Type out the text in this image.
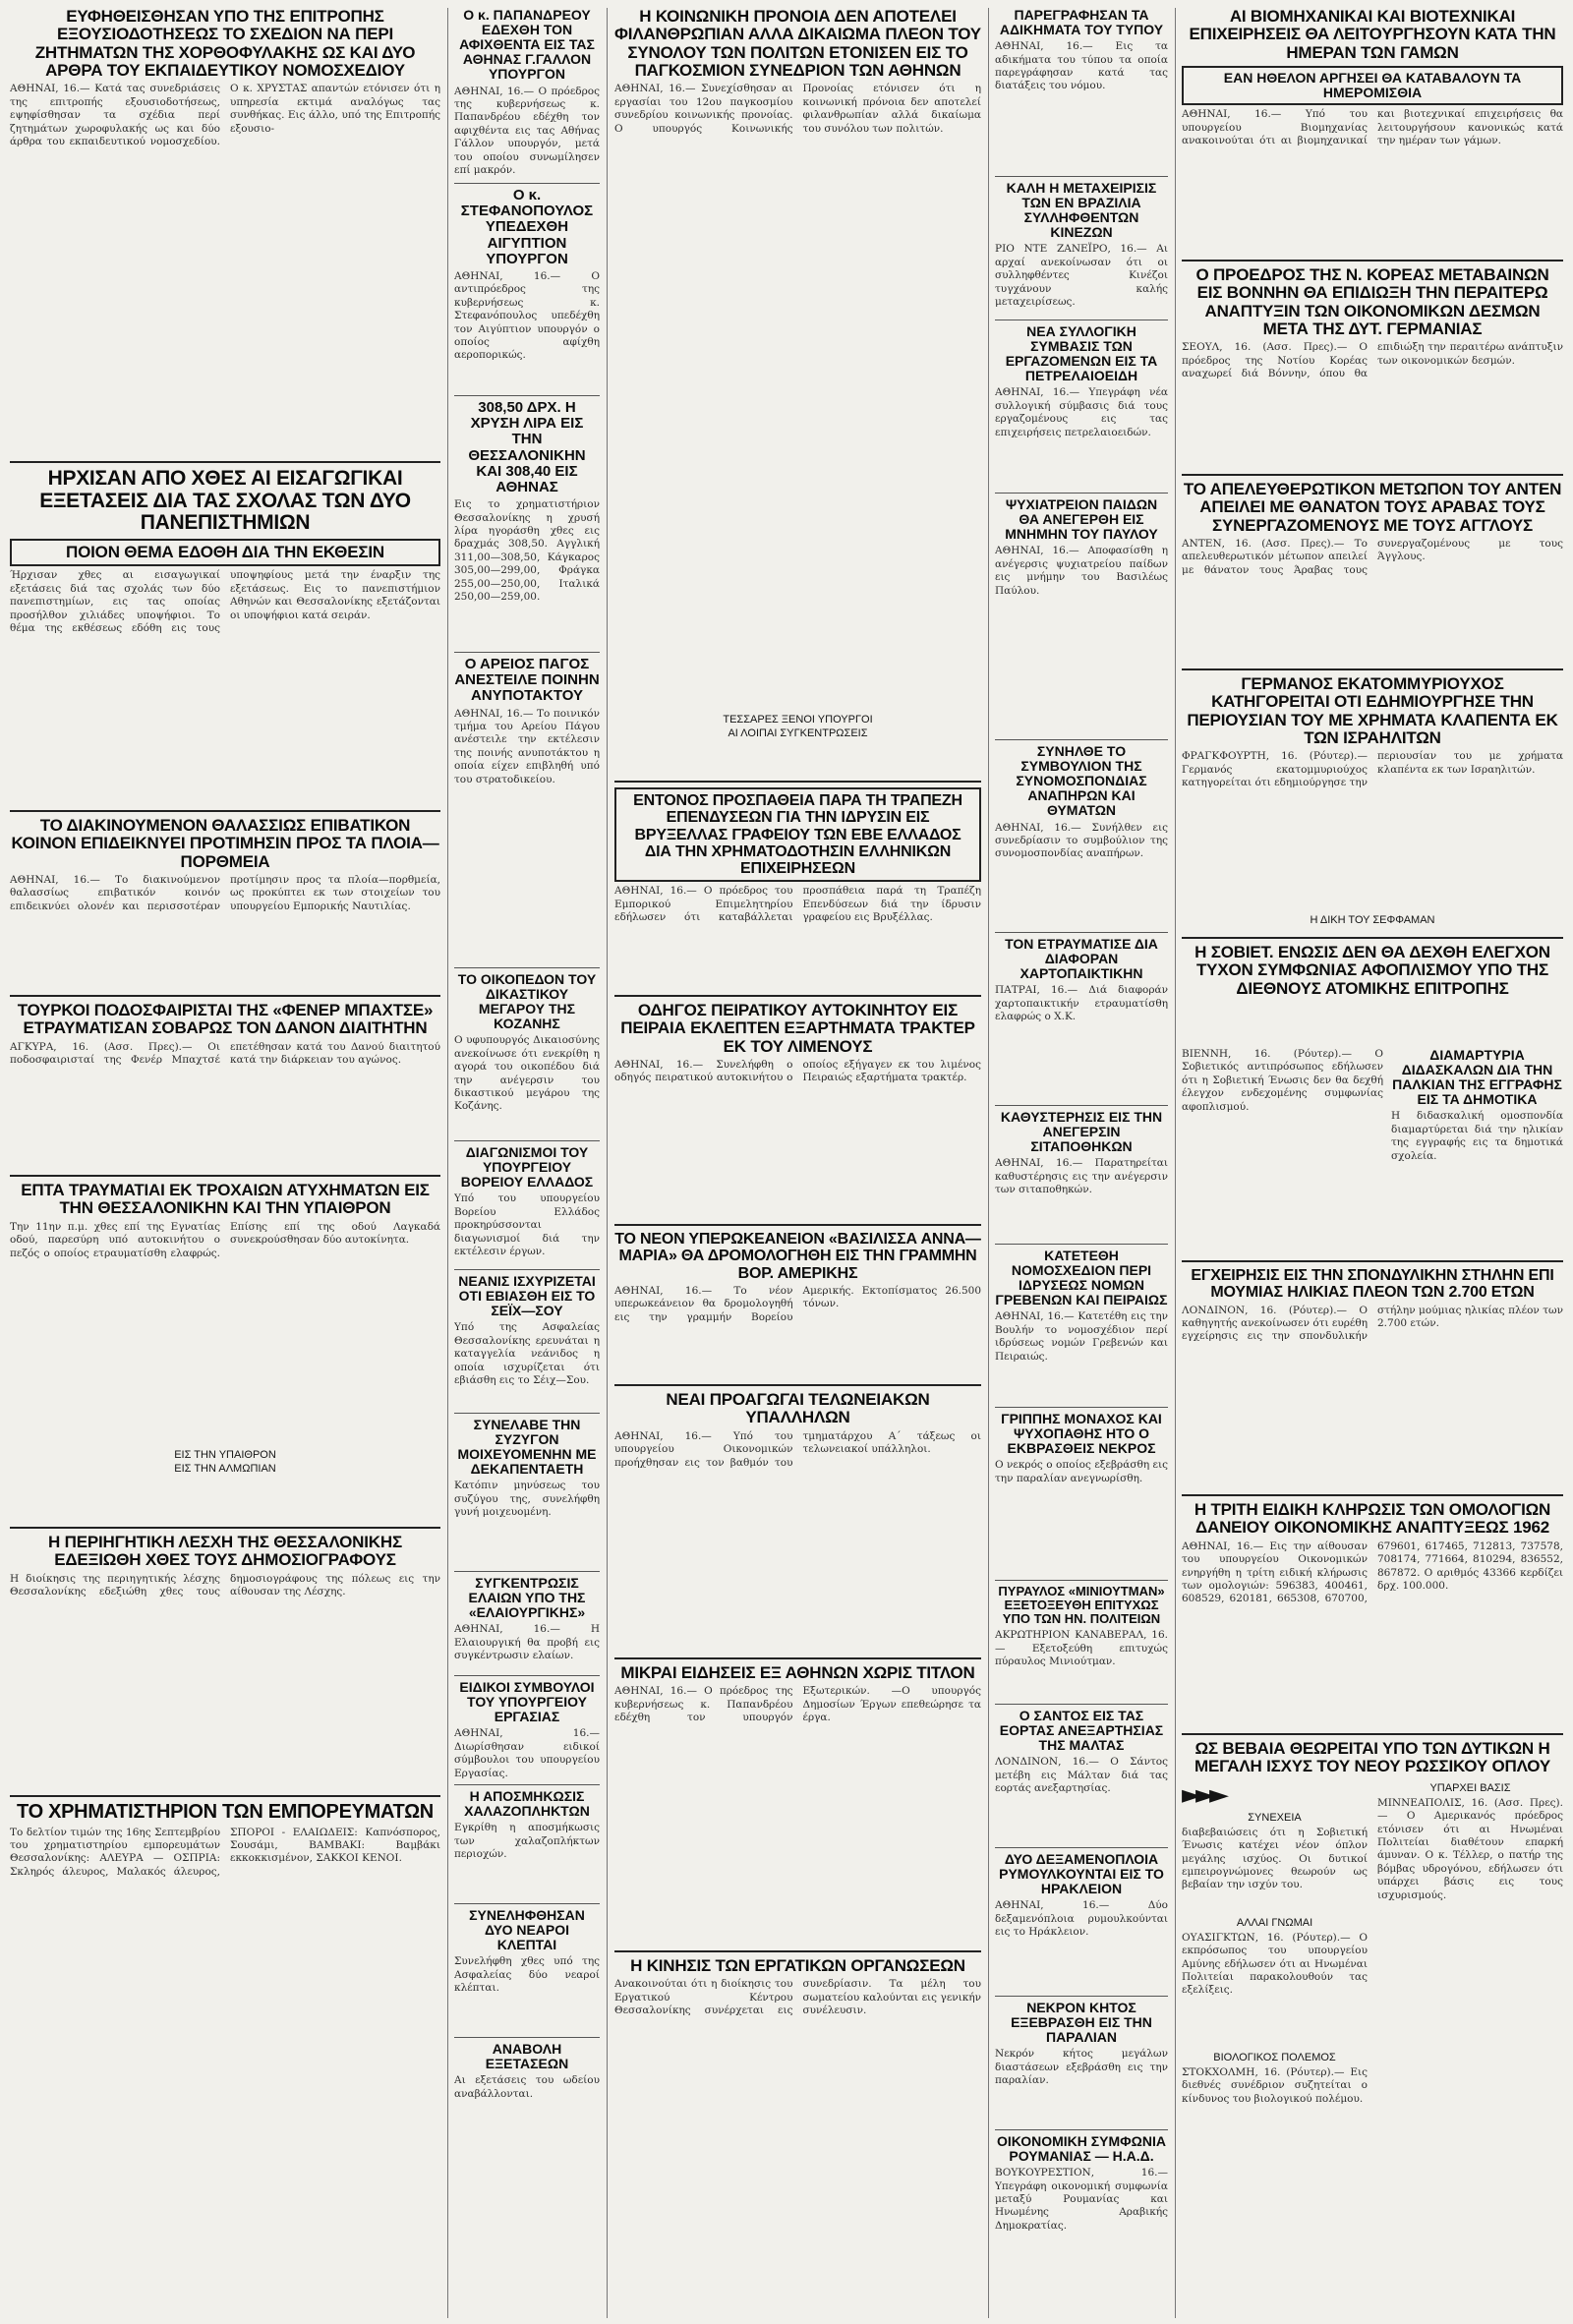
ΕΥΦΗΘΕΙΣΘΗΣΑΝ ΥΠΟ ΤΗΣ ΕΠΙΤΡΟΠΗΣ ΕΞΟΥΣΙΟΔΟΤΗΣΕΩΣ ΤΟ ΣΧΕΔΙΟΝ ΝΑ ΠΕΡΙ ΖΗΤΗΜΑΤΩΝ ΤΗΣ ΧΟΡΘΟΦΥΛΑΚΗΣ ΩΣ ΚΑΙ ΔΥΟ ΑΡΘΡΑ ΤΟΥ ΕΚΠΑΙΔΕΥΤΙΚΟΥ ΝΟΜΟΣΧΕΔΙΟΥ
ΑΘΗΝΑΙ, 16.— Κατά τας συνεδριάσεις της επιτροπής εξουσιοδοτήσεως, εψηφίσθησαν τα σχέδια περί ζητημάτων χωροφυλακής ως και δύο άρθρα του εκπαιδευτικού νομοσχεδίου. Ο κ. ΧΡΥΣΤΑΣ απαντών ετόνισεν ότι η υπηρεσία εκτιμά αναλόγως τας συνθήκας. Εις άλλο, υπό της Επιτροπής εξουσιο-
ΗΡΧΙΣΑΝ ΑΠΟ ΧΘΕΣ ΑΙ ΕΙΣΑΓΩΓΙΚΑΙ ΕΞΕΤΑΣΕΙΣ ΔΙΑ ΤΑΣ ΣΧΟΛΑΣ ΤΩΝ ΔΥΟ ΠΑΝΕΠΙΣΤΗΜΙΩΝ
ΠΟΙΟΝ ΘΕΜΑ ΕΔΟΘΗ ΔΙΑ ΤΗΝ ΕΚΘΕΣΙΝ
Ήρχισαν χθες αι εισαγωγικαί εξετάσεις διά τας σχολάς των δύο πανεπιστημίων, εις τας οποίας προσήλθον χιλιάδες υποψήφιοι. Το θέμα της εκθέσεως εδόθη εις τους υποψηφίους μετά την έναρξιν της εξετάσεως. Εις το πανεπιστήμιον Αθηνών και Θεσσαλονίκης εξετάζονται οι υποψήφιοι κατά σειράν.
ΤΟ ΔΙΑΚΙΝΟΥΜΕΝΟΝ ΘΑΛΑΣΣΙΩΣ ΕΠΙΒΑΤΙΚΟΝ ΚΟΙΝΟΝ ΕΠΙΔΕΙΚΝΥΕΙ ΠΡΟΤΙΜΗΣΙΝ ΠΡΟΣ ΤΑ ΠΛΟΙΑ—ΠΟΡΘΜΕΙΑ
ΑΘΗΝΑΙ, 16.— Το διακινούμενον θαλασσίως επιβατικόν κοινόν επιδεικνύει ολονέν και περισσοτέραν προτίμησιν προς τα πλοία—πορθμεία, ως προκύπτει εκ των στοιχείων του υπουργείου Εμπορικής Ναυτιλίας.
ΤΟΥΡΚΟΙ ΠΟΔΟΣΦΑΙΡΙΣΤΑΙ ΤΗΣ «ΦΕΝΕΡ ΜΠΑΧΤΣΕ» ΕΤΡΑΥΜΑΤΙΣΑΝ ΣΟΒΑΡΩΣ ΤΟΝ ΔΑΝΟΝ ΔΙΑΙΤΗΤΗΝ
ΑΓΚΥΡΑ, 16. (Ασσ. Πρες).— Οι ποδοσφαιρισταί της Φενέρ Μπαχτσέ επετέθησαν κατά του Δανού διαιτητού κατά την διάρκειαν του αγώνος.
ΕΠΤΑ ΤΡΑΥΜΑΤΙΑΙ ΕΚ ΤΡΟΧΑΙΩΝ ΑΤΥΧΗΜΑΤΩΝ ΕΙΣ ΤΗΝ ΘΕΣΣΑΛΟΝΙΚΗΝ ΚΑΙ ΤΗΝ ΥΠΑΙΘΡΟΝ
Την 11ην π.μ. χθες επί της Εγνατίας οδού, παρεσύρη υπό αυτοκινήτου ο πεζός ο οποίος ετραυματίσθη ελαφρώς. Επίσης επί της οδού Λαγκαδά συνεκρούσθησαν δύο αυτοκίνητα.
ΕΙΣ ΤΗΝ ΥΠΑΙΘΡΟΝ
ΕΙΣ ΤΗΝ ΑΛΜΩΠΙΑΝ
Η ΠΕΡΙΗΓΗΤΙΚΗ ΛΕΣΧΗ ΤΗΣ ΘΕΣΣΑΛΟΝΙΚΗΣ ΕΔΕΞΙΩΘΗ ΧΘΕΣ ΤΟΥΣ ΔΗΜΟΣΙΟΓΡΑΦΟΥΣ
Η διοίκησις της περιηγητικής λέσχης Θεσσαλονίκης εδεξιώθη χθες τους δημοσιογράφους της πόλεως εις την αίθουσαν της Λέσχης.
ΤΟ ΧΡΗΜΑΤΙΣΤΗΡΙΟΝ ΤΩΝ ΕΜΠΟΡΕΥΜΑΤΩΝ
Το δελτίον τιμών της 16ης Σεπτεμβρίου του χρηματιστηρίου εμπορευμάτων Θεσσαλονίκης: ΑΛΕΥΡΑ — ΟΣΠΡΙΑ: Σκληρός άλευρος, Μαλακός άλευρος, ΣΠΟΡΟΙ - ΕΛΑΙΩΔΕΙΣ: Καπνόσπορος, Σουσάμι, ΒΑΜΒΑΚΙ: Βαμβάκι εκκοκκισμένον, ΣΑΚΚΟΙ ΚΕΝΟΙ.
Ο κ. ΠΑΠΑΝΔΡΕΟΥ ΕΔΕΧΘΗ ΤΟΝ ΑΦΙΧΘΕΝΤΑ ΕΙΣ ΤΑΣ ΑΘΗΝΑΣ Γ.ΓΑΛΛΟΝ ΥΠΟΥΡΓΟΝ
ΑΘΗΝΑΙ, 16.— Ο πρόεδρος της κυβερνήσεως κ. Παπανδρέου εδέχθη τον αφιχθέντα εις τας Αθήνας Γάλλον υπουργόν, μετά του οποίου συνωμίλησεν επί μακρόν.
Ο κ. ΣΤΕΦΑΝΟΠΟΥΛΟΣ ΥΠΕΔΕΧΘΗ ΑΙΓΥΠΤΙΟΝ ΥΠΟΥΡΓΟΝ
ΑΘΗΝΑΙ, 16.— Ο αντιπρόεδρος της κυβερνήσεως κ. Στεφανόπουλος υπεδέχθη τον Αιγύπτιον υπουργόν ο οποίος αφίχθη αεροπορικώς.
308,50 ΔΡΧ. Η ΧΡΥΣΗ ΛΙΡΑ ΕΙΣ ΤΗΝ ΘΕΣΣΑΛΟΝΙΚΗΝ ΚΑΙ 308,40 ΕΙΣ ΑΘΗΝΑΣ
Εις το χρηματιστήριον Θεσσαλονίκης η χρυσή λίρα ηγοράσθη χθες εις δραχμάς 308,50. Αγγλική 311,00—308,50, Κάγκαρος 305,00—299,00, Φράγκα 255,00—250,00, Ιταλικά 250,00—259,00.
Ο ΑΡΕΙΟΣ ΠΑΓΟΣ ΑΝΕΣΤΕΙΛΕ ΠΟΙΝΗΝ ΑΝΥΠΟΤΑΚΤΟΥ
ΑΘΗΝΑΙ, 16.— Το ποινικόν τμήμα του Αρείου Πάγου ανέστειλε την εκτέλεσιν της ποινής ανυποτάκτου η οποία είχεν επιβληθή υπό του στρατοδικείου.
ΤΟ ΟΙΚΟΠΕΔΟΝ ΤΟΥ ΔΙΚΑΣΤΙΚΟΥ ΜΕΓΑΡΟΥ ΤΗΣ ΚΟΖΑΝΗΣ
Ο υφυπουργός Δικαιοσύνης ανεκοίνωσε ότι ενεκρίθη η αγορά του οικοπέδου διά την ανέγερσιν του δικαστικού μεγάρου της Κοζάνης.
ΔΙΑΓΩΝΙΣΜΟΙ ΤΟΥ ΥΠΟΥΡΓΕΙΟΥ ΒΟΡΕΙΟΥ ΕΛΛΑΔΟΣ
Υπό του υπουργείου Βορείου Ελλάδος προκηρύσσονται διαγωνισμοί διά την εκτέλεσιν έργων.
ΝΕΑΝΙΣ ΙΣΧΥΡΙΖΕΤΑΙ ΟΤΙ ΕΒΙΑΣΘΗ ΕΙΣ ΤΟ ΣΕΪΧ—ΣΟΥ
Υπό της Ασφαλείας Θεσσαλονίκης ερευνάται η καταγγελία νεάνιδος η οποία ισχυρίζεται ότι εβιάσθη εις το Σέιχ—Σου.
ΣΥΝΕΛΑΒΕ ΤΗΝ ΣΥΖΥΓΟΝ ΜΟΙΧΕΥΟΜΕΝΗΝ ΜΕ ΔΕΚΑΠΕΝΤΑΕΤΗ
Κατόπιν μηνύσεως του συζύγου της, συνελήφθη γυνή μοιχευομένη.
ΣΥΓΚΕΝΤΡΩΣΙΣ ΕΛΑΙΩΝ ΥΠΟ ΤΗΣ «ΕΛΑΙΟΥΡΓΙΚΗΣ»
ΑΘΗΝΑΙ, 16.— Η Ελαιουργική θα προβή εις συγκέντρωσιν ελαίων.
ΕΙΔΙΚΟΙ ΣΥΜΒΟΥΛΟΙ ΤΟΥ ΥΠΟΥΡΓΕΙΟΥ ΕΡΓΑΣΙΑΣ
ΑΘΗΝΑΙ, 16.— Διωρίσθησαν ειδικοί σύμβουλοι του υπουργείου Εργασίας.
Η ΑΠΟΣΜΗΚΩΣΙΣ ΧΑΛΑΖΟΠΛΗΚΤΩΝ
Εγκρίθη η αποσμήκωσις των χαλαζοπλήκτων περιοχών.
ΣΥΝΕΛΗΦΘΗΣΑΝ ΔΥΟ ΝΕΑΡΟΙ ΚΛΕΠΤΑΙ
Συνελήφθη χθες υπό της Ασφαλείας δύο νεαροί κλέπται.
ΑΝΑΒΟΛΗ ΕΞΕΤΑΣΕΩΝ
Αι εξετάσεις του ωδείου αναβάλλονται.
Η ΚΟΙΝΩΝΙΚΗ ΠΡΟΝΟΙΑ ΔΕΝ ΑΠΟΤΕΛΕΙ ΦΙΛΑΝΘΡΩΠΙΑΝ ΑΛΛΑ ΔΙΚΑΙΩΜΑ ΠΛΕΟΝ ΤΟΥ ΣΥΝΟΛΟΥ ΤΩΝ ΠΟΛΙΤΩΝ ΕΤΟΝΙΣΕΝ ΕΙΣ ΤΟ ΠΑΓΚΟΣΜΙΟΝ ΣΥΝΕΔΡΙΟΝ ΤΩΝ ΑΘΗΝΩΝ
ΑΘΗΝΑΙ, 16.— Συνεχίσθησαν αι εργασίαι του 12ου παγκοσμίου συνεδρίου κοινωνικής προνοίας. Ο υπουργός Κοινωνικής Προνοίας ετόνισεν ότι η κοινωνική πρόνοια δεν αποτελεί φιλανθρωπίαν αλλά δικαίωμα του συνόλου των πολιτών.
ΤΕΣΣΑΡΕΣ ΞΕΝΟΙ ΥΠΟΥΡΓΟΙ
ΑΙ ΛΟΙΠΑΙ ΣΥΓΚΕΝΤΡΩΣΕΙΣ
ΕΝΤΟΝΟΣ ΠΡΟΣΠΑΘΕΙΑ ΠΑΡΑ ΤΗ ΤΡΑΠΕΖΗ ΕΠΕΝΔΥΣΕΩΝ ΓΙΑ ΤΗΝ ΙΔΡΥΣΙΝ ΕΙΣ ΒΡΥΞΕΛΛΑΣ ΓΡΑΦΕΙΟΥ ΤΩΝ ΕΒΕ ΕΛΛΑΔΟΣ ΔΙΑ ΤΗΝ ΧΡΗΜΑΤΟΔΟΤΗΣΙΝ ΕΛΛΗΝΙΚΩΝ ΕΠΙΧΕΙΡΗΣΕΩΝ
ΑΘΗΝΑΙ, 16.— Ο πρόεδρος του Εμπορικού Επιμελητηρίου εδήλωσεν ότι καταβάλλεται προσπάθεια παρά τη Τραπέζη Επενδύσεων διά την ίδρυσιν γραφείου εις Βρυξέλλας.
ΟΔΗΓΟΣ ΠΕΙΡΑΤΙΚΟΥ ΑΥΤΟΚΙΝΗΤΟΥ ΕΙΣ ΠΕΙΡΑΙΑ ΕΚΛΕΠΤΕΝ ΕΞΑΡΤΗΜΑΤΑ ΤΡΑΚΤΕΡ ΕΚ ΤΟΥ ΛΙΜΕΝΟΥΣ
ΑΘΗΝΑΙ, 16.— Συνελήφθη ο οδηγός πειρατικού αυτοκινήτου ο οποίος εξήγαγεν εκ του λιμένος Πειραιώς εξαρτήματα τρακτέρ.
ΤΟ ΝΕΟΝ ΥΠΕΡΩΚΕΑΝΕΙΟΝ «ΒΑΣΙΛΙΣΣΑ ΑΝΝΑ—ΜΑΡΙΑ» ΘΑ ΔΡΟΜΟΛΟΓΗΘΗ ΕΙΣ ΤΗΝ ΓΡΑΜΜΗΝ ΒΟΡ. ΑΜΕΡΙΚΗΣ
ΑΘΗΝΑΙ, 16.— Το νέον υπερωκεάνειον θα δρομολογηθή εις την γραμμήν Βορείου Αμερικής. Εκτοπίσματος 26.500 τόνων.
ΝΕΑΙ ΠΡΟΑΓΩΓΑΙ ΤΕΛΩΝΕΙΑΚΩΝ ΥΠΑΛΛΗΛΩΝ
ΑΘΗΝΑΙ, 16.— Υπό του υπουργείου Οικονομικών προήχθησαν εις τον βαθμόν του τμηματάρχου Α΄ τάξεως οι τελωνειακοί υπάλληλοι.
ΜΙΚΡΑΙ ΕΙΔΗΣΕΙΣ ΕΞ ΑΘΗΝΩΝ ΧΩΡΙΣ ΤΙΤΛΟΝ
ΑΘΗΝΑΙ, 16.— Ο πρόεδρος της κυβερνήσεως κ. Παπανδρέου εδέχθη τον υπουργόν Εξωτερικών. —Ο υπουργός Δημοσίων Έργων επεθεώρησε τα έργα.
Η ΚΙΝΗΣΙΣ ΤΩΝ ΕΡΓΑΤΙΚΩΝ ΟΡΓΑΝΩΣΕΩΝ
Ανακοινούται ότι η διοίκησις του Εργατικού Κέντρου Θεσσαλονίκης συνέρχεται εις συνεδρίασιν. Τα μέλη του σωματείου καλούνται εις γενικήν συνέλευσιν.
ΠΑΡΕΓΡΑΦΗΣΑΝ ΤΑ ΑΔΙΚΗΜΑΤΑ ΤΟΥ ΤΥΠΟΥ
ΑΘΗΝΑΙ, 16.— Εις τα αδικήματα του τύπου τα οποία παρεγράφησαν κατά τας διατάξεις του νόμου.
ΚΑΛΗ Η ΜΕΤΑΧΕΙΡΙΣΙΣ ΤΩΝ ΕΝ ΒΡΑΖΙΛΙΑ ΣΥΛΛΗΦΘΕΝΤΩΝ ΚΙΝΕΖΩΝ
ΡΙΟ ΝΤΕ ΖΑΝΕΪΡΟ, 16.— Αι αρχαί ανεκοίνωσαν ότι οι συλληφθέντες Κινέζοι τυγχάνουν καλής μεταχειρίσεως.
ΝΕΑ ΣΥΛΛΟΓΙΚΗ ΣΥΜΒΑΣΙΣ ΤΩΝ ΕΡΓΑΖΟΜΕΝΩΝ ΕΙΣ ΤΑ ΠΕΤΡΕΛΑΙΟΕΙΔΗ
ΑΘΗΝΑΙ, 16.— Υπεγράφη νέα συλλογική σύμβασις διά τους εργαζομένους εις τας επιχειρήσεις πετρελαιοειδών.
ΨΥΧΙΑΤΡΕΙΟΝ ΠΑΙΔΩΝ ΘΑ ΑΝΕΓΕΡΘΗ ΕΙΣ ΜΝΗΜΗΝ ΤΟΥ ΠΑΥΛΟΥ
ΑΘΗΝΑΙ, 16.— Αποφασίσθη η ανέγερσις ψυχιατρείου παίδων εις μνήμην του Βασιλέως Παύλου.
ΣΥΝΗΛΘΕ ΤΟ ΣΥΜΒΟΥΛΙΟΝ ΤΗΣ ΣΥΝΟΜΟΣΠΟΝΔΙΑΣ ΑΝΑΠΗΡΩΝ ΚΑΙ ΘΥΜΑΤΩΝ
ΑΘΗΝΑΙ, 16.— Συνήλθεν εις συνεδρίασιν το συμβούλιον της συνομοσπονδίας αναπήρων.
ΤΟΝ ΕΤΡΑΥΜΑΤΙΣΕ ΔΙΑ ΔΙΑΦΟΡΑΝ ΧΑΡΤΟΠΑΙΚΤΙΚΗΝ
ΠΑΤΡΑΙ, 16.— Διά διαφοράν χαρτοπαικτικήν ετραυματίσθη ελαφρώς ο Χ.Κ.
ΚΑΘΥΣΤΕΡΗΣΙΣ ΕΙΣ ΤΗΝ ΑΝΕΓΕΡΣΙΝ ΣΙΤΑΠΟΘΗΚΩΝ
ΑΘΗΝΑΙ, 16.— Παρατηρείται καθυστέρησις εις την ανέγερσιν των σιταποθηκών.
ΚΑΤΕΤΕΘΗ ΝΟΜΟΣΧΕΔΙΟΝ ΠΕΡΙ ΙΔΡΥΣΕΩΣ ΝΟΜΩΝ ΓΡΕΒΕΝΩΝ ΚΑΙ ΠΕΙΡΑΙΩΣ
ΑΘΗΝΑΙ, 16.— Κατετέθη εις την Βουλήν το νομοσχέδιον περί ιδρύσεως νομών Γρεβενών και Πειραιώς.
ΓΡΙΠΠΗΣ ΜΟΝΑΧΟΣ ΚΑΙ ΨΥΧΟΠΑΘΗΣ ΗΤΟ Ο ΕΚΒΡΑΣΘΕΙΣ ΝΕΚΡΟΣ
Ο νεκρός ο οποίος εξεβράσθη εις την παραλίαν ανεγνωρίσθη.
ΠΥΡΑΥΛΟΣ «ΜΙΝΙΟΥΤΜΑΝ» ΕΞΕΤΟΞΕΥΘΗ ΕΠΙΤΥΧΩΣ ΥΠΟ ΤΩΝ ΗΝ. ΠΟΛΙΤΕΙΩΝ
ΑΚΡΩΤΗΡΙΟΝ ΚΑΝΑΒΕΡΑΛ, 16.— Εξετοξεύθη επιτυχώς πύραυλος Μινιούτμαν.
Ο ΣΑΝΤΟΣ ΕΙΣ ΤΑΣ ΕΟΡΤΑΣ ΑΝΕΞΑΡΤΗΣΙΑΣ ΤΗΣ ΜΑΛΤΑΣ
ΛΟΝΔΙΝΟΝ, 16.— Ο Σάντος μετέβη εις Μάλταν διά τας εορτάς ανεξαρτησίας.
ΔΥΟ ΔΕΞΑΜΕΝΟΠΛΟΙΑ ΡΥΜΟΥΛΚΟΥΝΤΑΙ ΕΙΣ ΤΟ ΗΡΑΚΛΕΙΟΝ
ΑΘΗΝΑΙ, 16.— Δύο δεξαμενόπλοια ρυμουλκούνται εις το Ηράκλειον.
ΝΕΚΡΟΝ ΚΗΤΟΣ ΕΞΕΒΡΑΣΘΗ ΕΙΣ ΤΗΝ ΠΑΡΑΛΙΑΝ
Νεκρόν κήτος μεγάλων διαστάσεων εξεβράσθη εις την παραλίαν.
ΟΙΚΟΝΟΜΙΚΗ ΣΥΜΦΩΝΙΑ ΡΟΥΜΑΝΙΑΣ — Η.Α.Δ.
ΒΟΥΚΟΥΡΕΣΤΙΟΝ, 16.— Υπεγράφη οικονομική συμφωνία μεταξύ Ρουμανίας και Ηνωμένης Αραβικής Δημοκρατίας.
ΑΙ ΒΙΟΜΗΧΑΝΙΚΑΙ ΚΑΙ ΒΙΟΤΕΧΝΙΚΑΙ ΕΠΙΧΕΙΡΗΣΕΙΣ ΘΑ ΛΕΙΤΟΥΡΓΗΣΟΥΝ ΚΑΤΑ ΤΗΝ ΗΜΕΡΑΝ ΤΩΝ ΓΑΜΩΝ
ΕΑΝ ΗΘΕΛΟΝ ΑΡΓΗΣΕΙ ΘΑ ΚΑΤΑΒΑΛΟΥΝ ΤΑ ΗΜΕΡΟΜΙΣΘΙΑ
ΑΘΗΝΑΙ, 16.— Υπό του υπουργείου Βιομηχανίας ανακοινούται ότι αι βιομηχανικαί και βιοτεχνικαί επιχειρήσεις θα λειτουργήσουν κανονικώς κατά την ημέραν των γάμων.
Ο ΠΡΟΕΔΡΟΣ ΤΗΣ Ν. ΚΟΡΕΑΣ ΜΕΤΑΒΑΙΝΩΝ ΕΙΣ ΒΟΝΝΗΝ ΘΑ ΕΠΙΔΙΩΞΗ ΤΗΝ ΠΕΡΑΙΤΕΡΩ ΑΝΑΠΤΥΞΙΝ ΤΩΝ ΟΙΚΟΝΟΜΙΚΩΝ ΔΕΣΜΩΝ ΜΕΤΑ ΤΗΣ ΔΥΤ. ΓΕΡΜΑΝΙΑΣ
ΣΕΟΥΛ, 16. (Ασσ. Πρες).— Ο πρόεδρος της Νοτίου Κορέας αναχωρεί διά Βόννην, όπου θα επιδιώξη την περαιτέρω ανάπτυξιν των οικονομικών δεσμών.
ΤΟ ΑΠΕΛΕΥΘΕΡΩΤΙΚΟΝ ΜΕΤΩΠΟΝ ΤΟΥ ΑΝΤΕΝ ΑΠΕΙΛΕΙ ΜΕ ΘΑΝΑΤΟΝ ΤΟΥΣ ΑΡΑΒΑΣ ΤΟΥΣ ΣΥΝΕΡΓΑΖΟΜΕΝΟΥΣ ΜΕ ΤΟΥΣ ΑΓΓΛΟΥΣ
ΑΝΤΕΝ, 16. (Ασσ. Πρες).— Το απελευθερωτικόν μέτωπον απειλεί με θάνατον τους Άραβας τους συνεργαζομένους με τους Άγγλους.
ΓΕΡΜΑΝΟΣ ΕΚΑΤΟΜΜΥΡΙΟΥΧΟΣ ΚΑΤΗΓΟΡΕΙΤΑΙ ΟΤΙ ΕΔΗΜΙΟΥΡΓΗΣΕ ΤΗΝ ΠΕΡΙΟΥΣΙΑΝ ΤΟΥ ΜΕ ΧΡΗΜΑΤΑ ΚΛΑΠΕΝΤΑ ΕΚ ΤΩΝ ΙΣΡΑΗΛΙΤΩΝ
ΦΡΑΓΚΦΟΥΡΤΗ, 16. (Ρόυτερ).— Γερμανός εκατομμυριούχος κατηγορείται ότι εδημιούργησε την περιουσίαν του με χρήματα κλαπέντα εκ των Ισραηλιτών.
Η ΔΙΚΗ ΤΟΥ ΣΕΦΦΑΜΑΝ
Η ΣΟΒΙΕΤ. ΕΝΩΣΙΣ ΔΕΝ ΘΑ ΔΕΧΘΗ ΕΛΕΓΧΟΝ ΤΥΧΟΝ ΣΥΜΦΩΝΙΑΣ ΑΦΟΠΛΙΣΜΟΥ ΥΠΟ ΤΗΣ ΔΙΕΘΝΟΥΣ ΑΤΟΜΙΚΗΣ ΕΠΙΤΡΟΠΗΣ
ΒΙΕΝΝΗ, 16. (Ρόυτερ).— Ο Σοβιετικός αντιπρόσωπος εδήλωσεν ότι η Σοβιετική Ένωσις δεν θα δεχθή έλεγχον ενδεχομένης συμφωνίας αφοπλισμού.
ΔΙΑΜΑΡΤΥΡΙΑ ΔΙΔΑΣΚΑΛΩΝ ΔΙΑ ΤΗΝ ΠΑΛΚΙΑΝ ΤΗΣ ΕΓΓΡΑΦΗΣ ΕΙΣ ΤΑ ΔΗΜΟΤΙΚΑ
Η διδασκαλική ομοσπονδία διαμαρτύρεται διά την ηλικίαν της εγγραφής εις τα δημοτικά σχολεία.
ΕΓΧΕΙΡΗΣΙΣ ΕΙΣ ΤΗΝ ΣΠΟΝΔΥΛΙΚΗΝ ΣΤΗΛΗΝ ΕΠΙ ΜΟΥΜΙΑΣ ΗΛΙΚΙΑΣ ΠΛΕΟΝ ΤΩΝ 2.700 ΕΤΩΝ
ΛΟΝΔΙΝΟΝ, 16. (Ρόυτερ).— Ο καθηγητής ανεκοίνωσεν ότι ευρέθη εγχείρησις εις την σπονδυλικήν στήλην μούμιας ηλικίας πλέον των 2.700 ετών.
Η ΤΡΙΤΗ ΕΙΔΙΚΗ ΚΛΗΡΩΣΙΣ ΤΩΝ ΟΜΟΛΟΓΙΩΝ ΔΑΝΕΙΟΥ ΟΙΚΟΝΟΜΙΚΗΣ ΑΝΑΠΤΥΞΕΩΣ 1962
ΑΘΗΝΑΙ, 16.— Εις την αίθουσαν του υπουργείου Οικονομικών ενηργήθη η τρίτη ειδική κλήρωσις των ομολογιών: 596383, 400461, 608529, 620181, 665308, 670700, 679601, 617465, 712813, 737578, 708174, 771664, 810294, 836552, 867872. Ο αριθμός 43366 κερδίζει δρχ. 100.000.
ΩΣ ΒΕΒΑΙΑ ΘΕΩΡΕΙΤΑΙ ΥΠΟ ΤΩΝ ΔΥΤΙΚΩΝ Η ΜΕΓΑΛΗ ΙΣΧΥΣ ΤΟΥ ΝΕΟΥ ΡΩΣΣΙΚΟΥ ΟΠΛΟΥ
►►►
ΣΥΝΕΧΕΙΑ
διαβεβαιώσεις ότι η Σοβιετική Ένωσις κατέχει νέον όπλον μεγάλης ισχύος. Οι δυτικοί εμπειρογνώμονες θεωρούν ως βεβαίαν την ισχύν του.
ΑΛΛΑΙ ΓΝΩΜΑΙ
ΟΥΑΣΙΓΚΤΩΝ, 16. (Ρόυτερ).— Ο εκπρόσωπος του υπουργείου Αμύνης εδήλωσεν ότι αι Ηνωμέναι Πολιτείαι παρακολουθούν τας εξελίξεις.
ΒΙΟΛΟΓΙΚΟΣ ΠΟΛΕΜΟΣ
ΣΤΟΚΧΟΛΜΗ, 16. (Ρόυτερ).— Εις διεθνές συνέδριον συζητείται ο κίνδυνος του βιολογικού πολέμου.
ΥΠΑΡΧΕΙ ΒΑΣΙΣ
ΜΙΝΝΕΑΠΟΛΙΣ, 16. (Ασσ. Πρες).— Ο Αμερικανός πρόεδρος ετόνισεν ότι αι Ηνωμέναι Πολιτείαι διαθέτουν επαρκή άμυναν. Ο κ. Τέλλερ, ο πατήρ της βόμβας υδρογόνου, εδήλωσεν ότι υπάρχει βάσις εις τους ισχυρισμούς.
